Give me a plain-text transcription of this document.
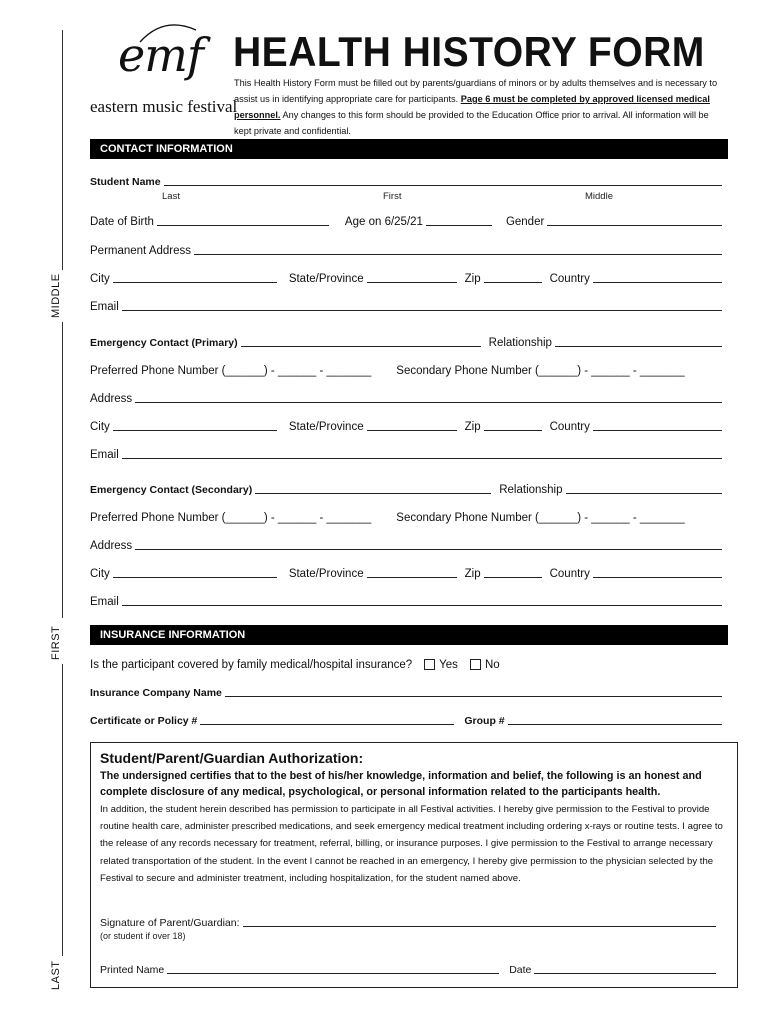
MIDDLE
FIRST
LAST
emf
eastern music festival
HEALTH HISTORY FORM
This Health History Form must be filled out by parents/guardians of minors or by adults themselves and is necessary to assist us in identifying appropriate care for participants. Page 6 must be completed by approved licensed medical personnel. Any changes to this form should be provided to the Education Office prior to arrival. All information will be kept private and confidential.
CONTACT INFORMATION
Student Name
Last	First	Middle
Date of Birth	Age on 6/25/21	Gender
Permanent Address
City	State/Province	Zip	Country
Email
Emergency Contact (Primary)	Relationship
Preferred Phone Number (______) - ______ - _______ Secondary Phone Number (______) - ______ - _______
Address
City	State/Province	Zip	Country
Email
Emergency Contact (Secondary)	Relationship
Preferred Phone Number (______) - ______ - _______ Secondary Phone Number (______) - ______ - _______
Address
City	State/Province	Zip	Country
Email
INSURANCE INFORMATION
Is the participant covered by family medical/hospital insurance? Yes No
Insurance Company Name
Certificate or Policy #	Group #
Student/Parent/Guardian Authorization:
The undersigned certifies that to the best of his/her knowledge, information and belief, the following is an honest and complete disclosure of any medical, psychological, or personal information related to the participants health.
In addition, the student herein described has permission to participate in all Festival activities. I hereby give permission to the Festival to provide routine health care, administer prescribed medications, and seek emergency medical treatment including ordering x-rays or routine tests. I agree to the release of any records necessary for treatment, referral, billing, or insurance purposes. I give permission to the Festival to arrange necessary related transportation of the student. In the event I cannot be reached in an emergency, I hereby give permission to the physician selected by the Festival to secure and administer treatment, including hospitalization, for the student named above.
Signature of Parent/Guardian:
(or student if over 18)
Printed Name	Date
